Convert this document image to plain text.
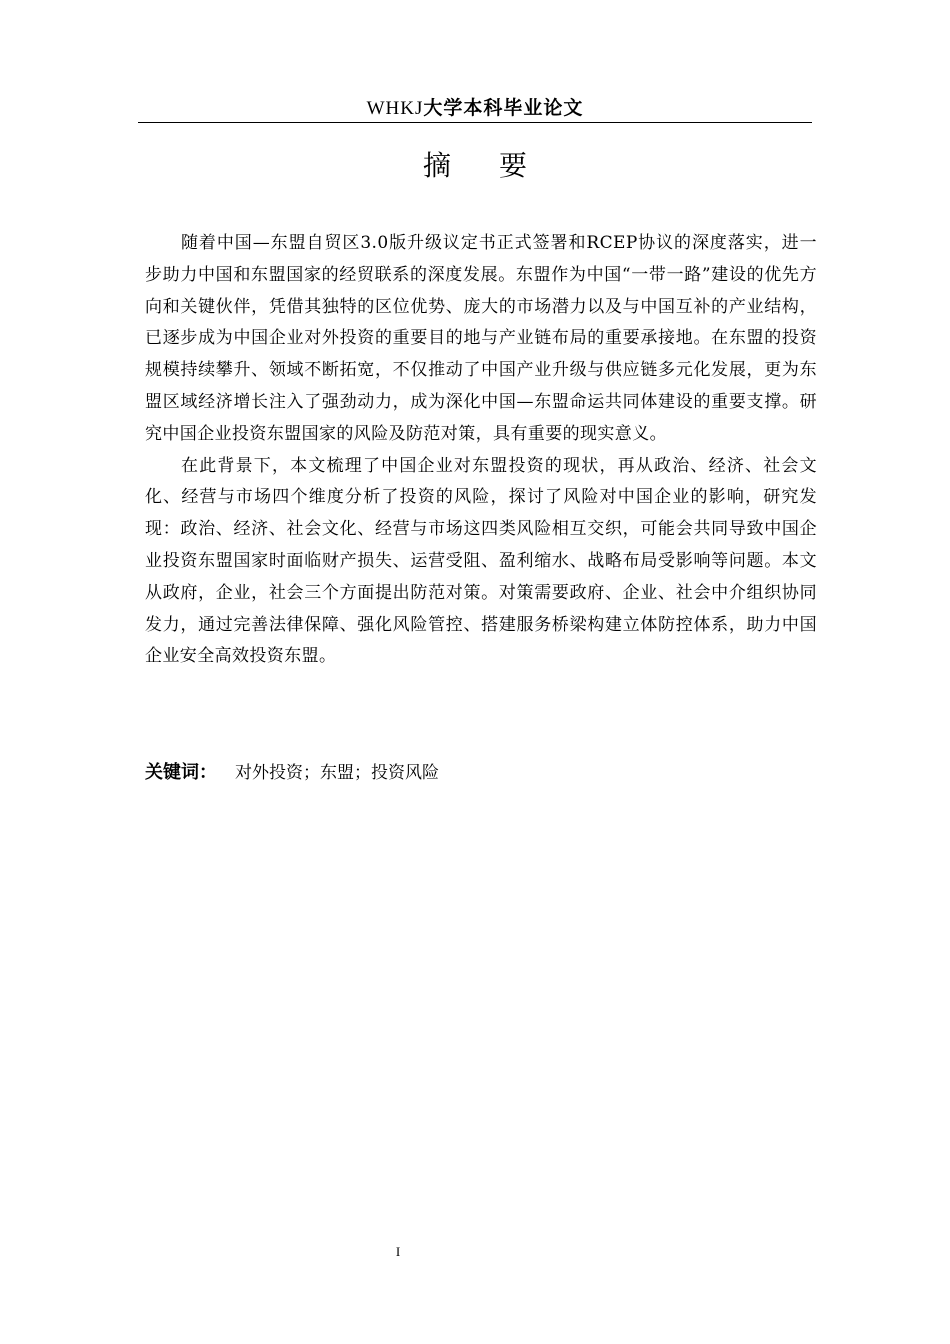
WHKJ大学本科毕业论文
摘要

随着中国—东盟自贸区3.0版升级议定书正式签署和RCEP协议的深度落实，进一步助力中国和东盟国家的经贸联系的深度发展。东盟作为中国“一带一路”建设的优先方向和关键伙伴，凭借其独特的区位优势、庞大的市场潜力以及与中国互补的产业结构，已逐步成为中国企业对外投资的重要目的地与产业链布局的重要承接地。在东盟的投资规模持续攀升、领域不断拓宽，不仅推动了中国产业升级与供应链多元化发展，更为东盟区域经济增长注入了强劲动力，成为深化中国—东盟命运共同体建设的重要支撑。研究中国企业投资东盟国家的风险及防范对策，具有重要的现实意义。

在此背景下，本文梳理了中国企业对东盟投资的现状，再从政治、经济、社会文化、经营与市场四个维度分析了投资的风险，探讨了风险对中国企业的影响，研究发现：政治、经济、社会文化、经营与市场这四类风险相互交织，可能会共同导致中国企业投资东盟国家时面临财产损失、运营受阻、盈利缩水、战略布局受影响等问题。本文从政府，企业，社会三个方面提出防范对策。对策需要政府、企业、社会中介组织协同发力，通过完善法律保障、强化风险管控、搭建服务桥梁构建立体防控体系，助力中国企业安全高效投资东盟。

关键词： 对外投资；东盟；投资风险
I
